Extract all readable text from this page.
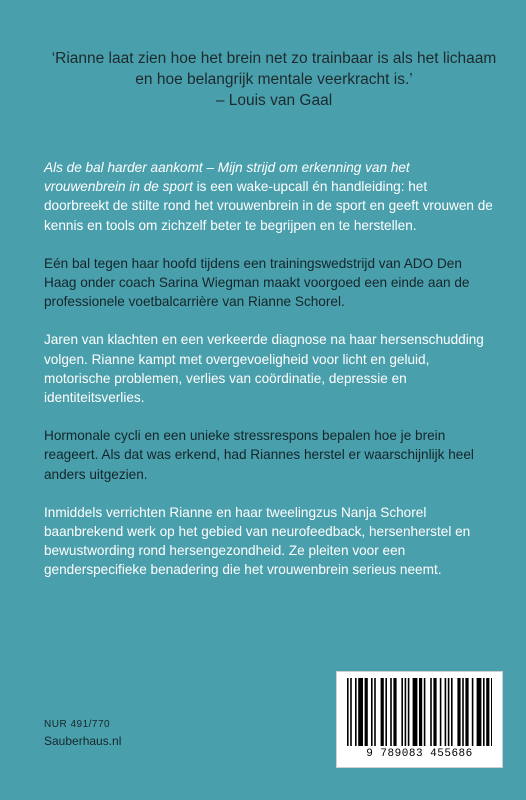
‘Rianne laat zien hoe het brein net zo trainbaar is als het lichaam en hoe belangrijk mentale veerkracht is.’
– Louis van Gaal

Als de bal harder aankomt – Mijn strijd om erkenning van het vrouwenbrein in de sport is een wake-upcall én handleiding: het doorbreekt de stilte rond het vrouwenbrein in de sport en geeft vrouwen de kennis en tools om zichzelf beter te begrijpen en te herstellen.

Eén bal tegen haar hoofd tijdens een trainingswedstrijd van ADO Den Haag onder coach Sarina Wiegman maakt voorgoed een einde aan de professionele voetbalcarrière van Rianne Schorel.

Jaren van klachten en een verkeerde diagnose na haar hersenschudding volgen. Rianne kampt met overgevoeligheid voor licht en geluid, motorische problemen, verlies van coördinatie, depressie en identiteitsverlies.

Hormonale cycli en een unieke stressrespons bepalen hoe je brein reageert. Als dat was erkend, had Riannes herstel er waarschijnlijk heel anders uitgezien.

Inmiddels verrichten Rianne en haar tweelingzus Nanja Schorel baanbrekend werk op het gebied van neurofeedback, hersenherstel en bewustwording rond hersengezondheid. Ze pleiten voor een genderspecifieke benadering die het vrouwenbrein serieus neemt.

9 789083 455686
NUR 491/770
Sauberhaus.nl
